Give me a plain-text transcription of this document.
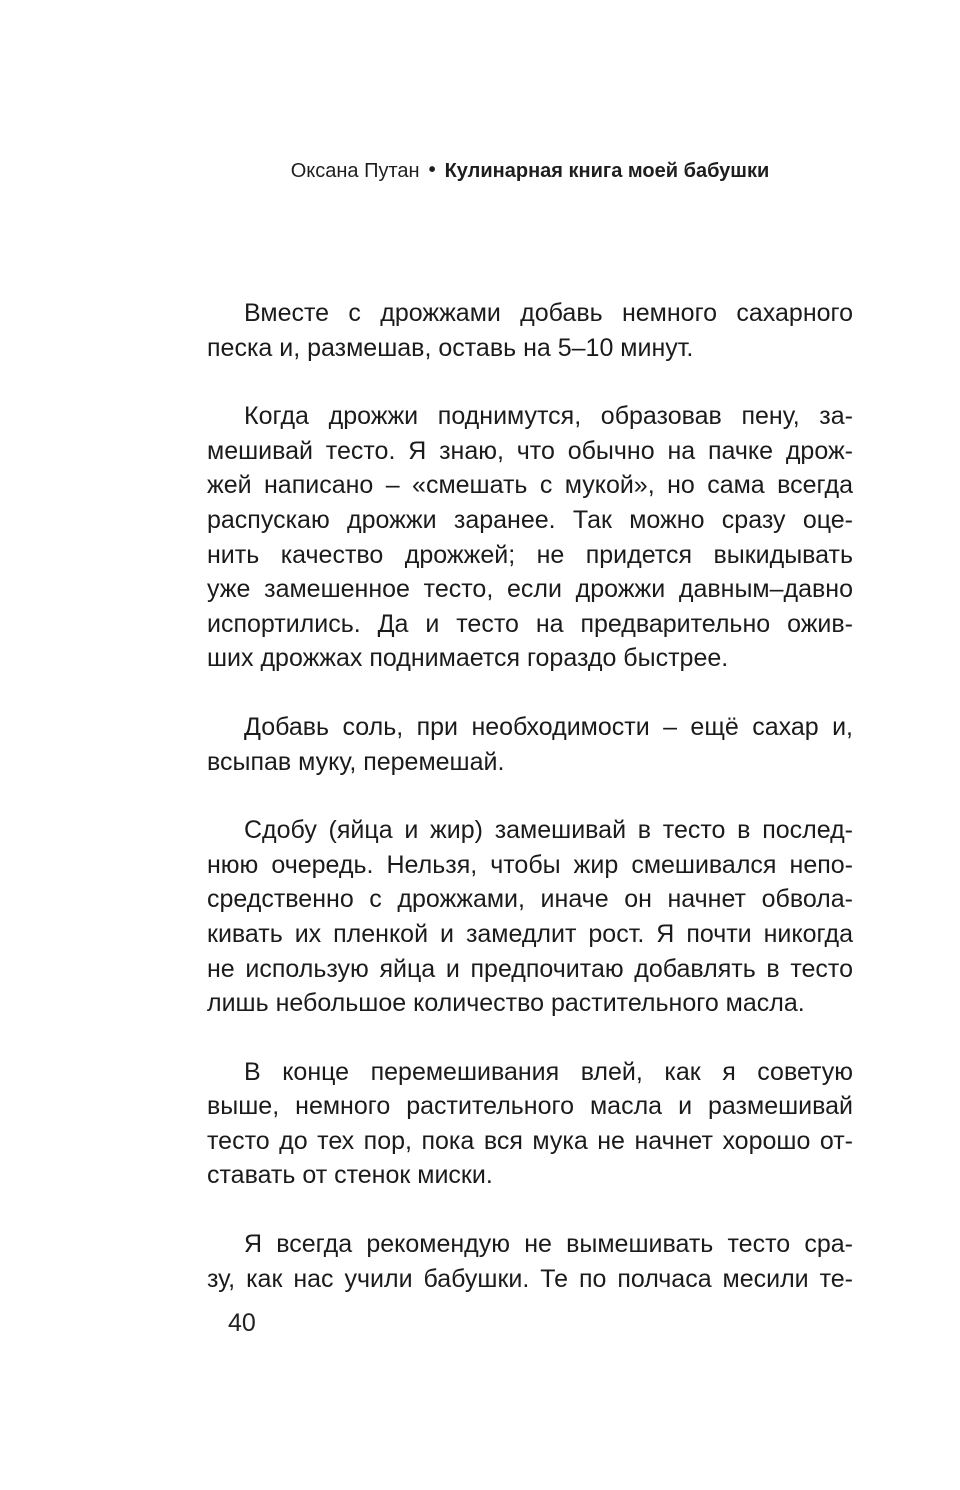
Оксана Путан • Кулинарная книга моей бабушки
Вместе с дрожжами добавь немного сахарного
песка и, размешав, оставь на 5–10 минут.
Когда дрожжи поднимутся, образовав пену, за-
мешивай тесто. Я знаю, что обычно на пачке дрож-
жей написано – «смешать с мукой», но сама всегда
распускаю дрожжи заранее. Так можно сразу оце-
нить качество дрожжей; не придется выкидывать
уже замешенное тесто, если дрожжи давным–давно
испортились. Да и тесто на предварительно ожив-
ших дрожжах поднимается гораздо быстрее.
Добавь соль, при необходимости – ещё сахар и,
всыпав муку, перемешай.
Сдобу (яйца и жир) замешивай в тесто в послед-
нюю очередь. Нельзя, чтобы жир смешивался непо-
средственно с дрожжами, иначе он начнет обвола-
кивать их пленкой и замедлит рост. Я почти никогда
не использую яйца и предпочитаю добавлять в тесто
лишь небольшое количество растительного масла.
В конце перемешивания влей, как я советую
выше, немного растительного масла и размешивай
тесто до тех пор, пока вся мука не начнет хорошо от-
ставать от стенок миски.
Я всегда рекомендую не вымешивать тесто сра-
зу, как нас учили бабушки. Те по полчаса месили те-
40
